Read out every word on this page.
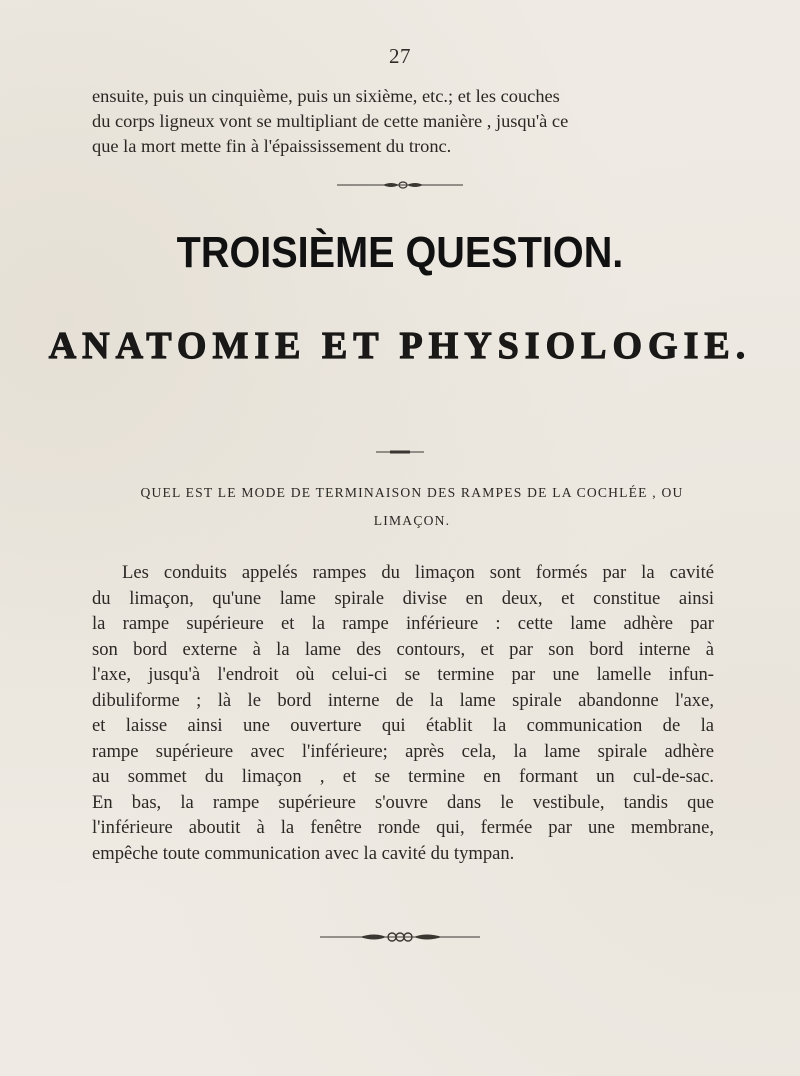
27
ensuite, puis un cinquième, puis un sixième, etc.; et les couches
du corps ligneux vont se multipliant de cette manière , jusqu'à ce
que la mort mette fin à l'épaississement du tronc.
TROISIÈME QUESTION.
ANATOMIE ET PHYSIOLOGIE.
QUEL EST LE MODE DE TERMINAISON DES RAMPES DE LA COCHLÉE , OU
LIMAÇON.
Les conduits appelés rampes du limaçon sont formés par la cavité
du limaçon, qu'une lame spirale divise en deux, et constitue ainsi
la rampe supérieure et la rampe inférieure : cette lame adhère par
son bord externe à la lame des contours, et par son bord interne à
l'axe, jusqu'à l'endroit où celui-ci se termine par une lamelle infun-
dibuliforme ; là le bord interne de la lame spirale abandonne l'axe,
et laisse ainsi une ouverture qui établit la communication de la
rampe supérieure avec l'inférieure; après cela, la lame spirale adhère
au sommet du limaçon , et se termine en formant un cul-de-sac.
En bas, la rampe supérieure s'ouvre dans le vestibule, tandis que
l'inférieure aboutit à la fenêtre ronde qui, fermée par une membrane,
empêche toute communication avec la cavité du tympan.
